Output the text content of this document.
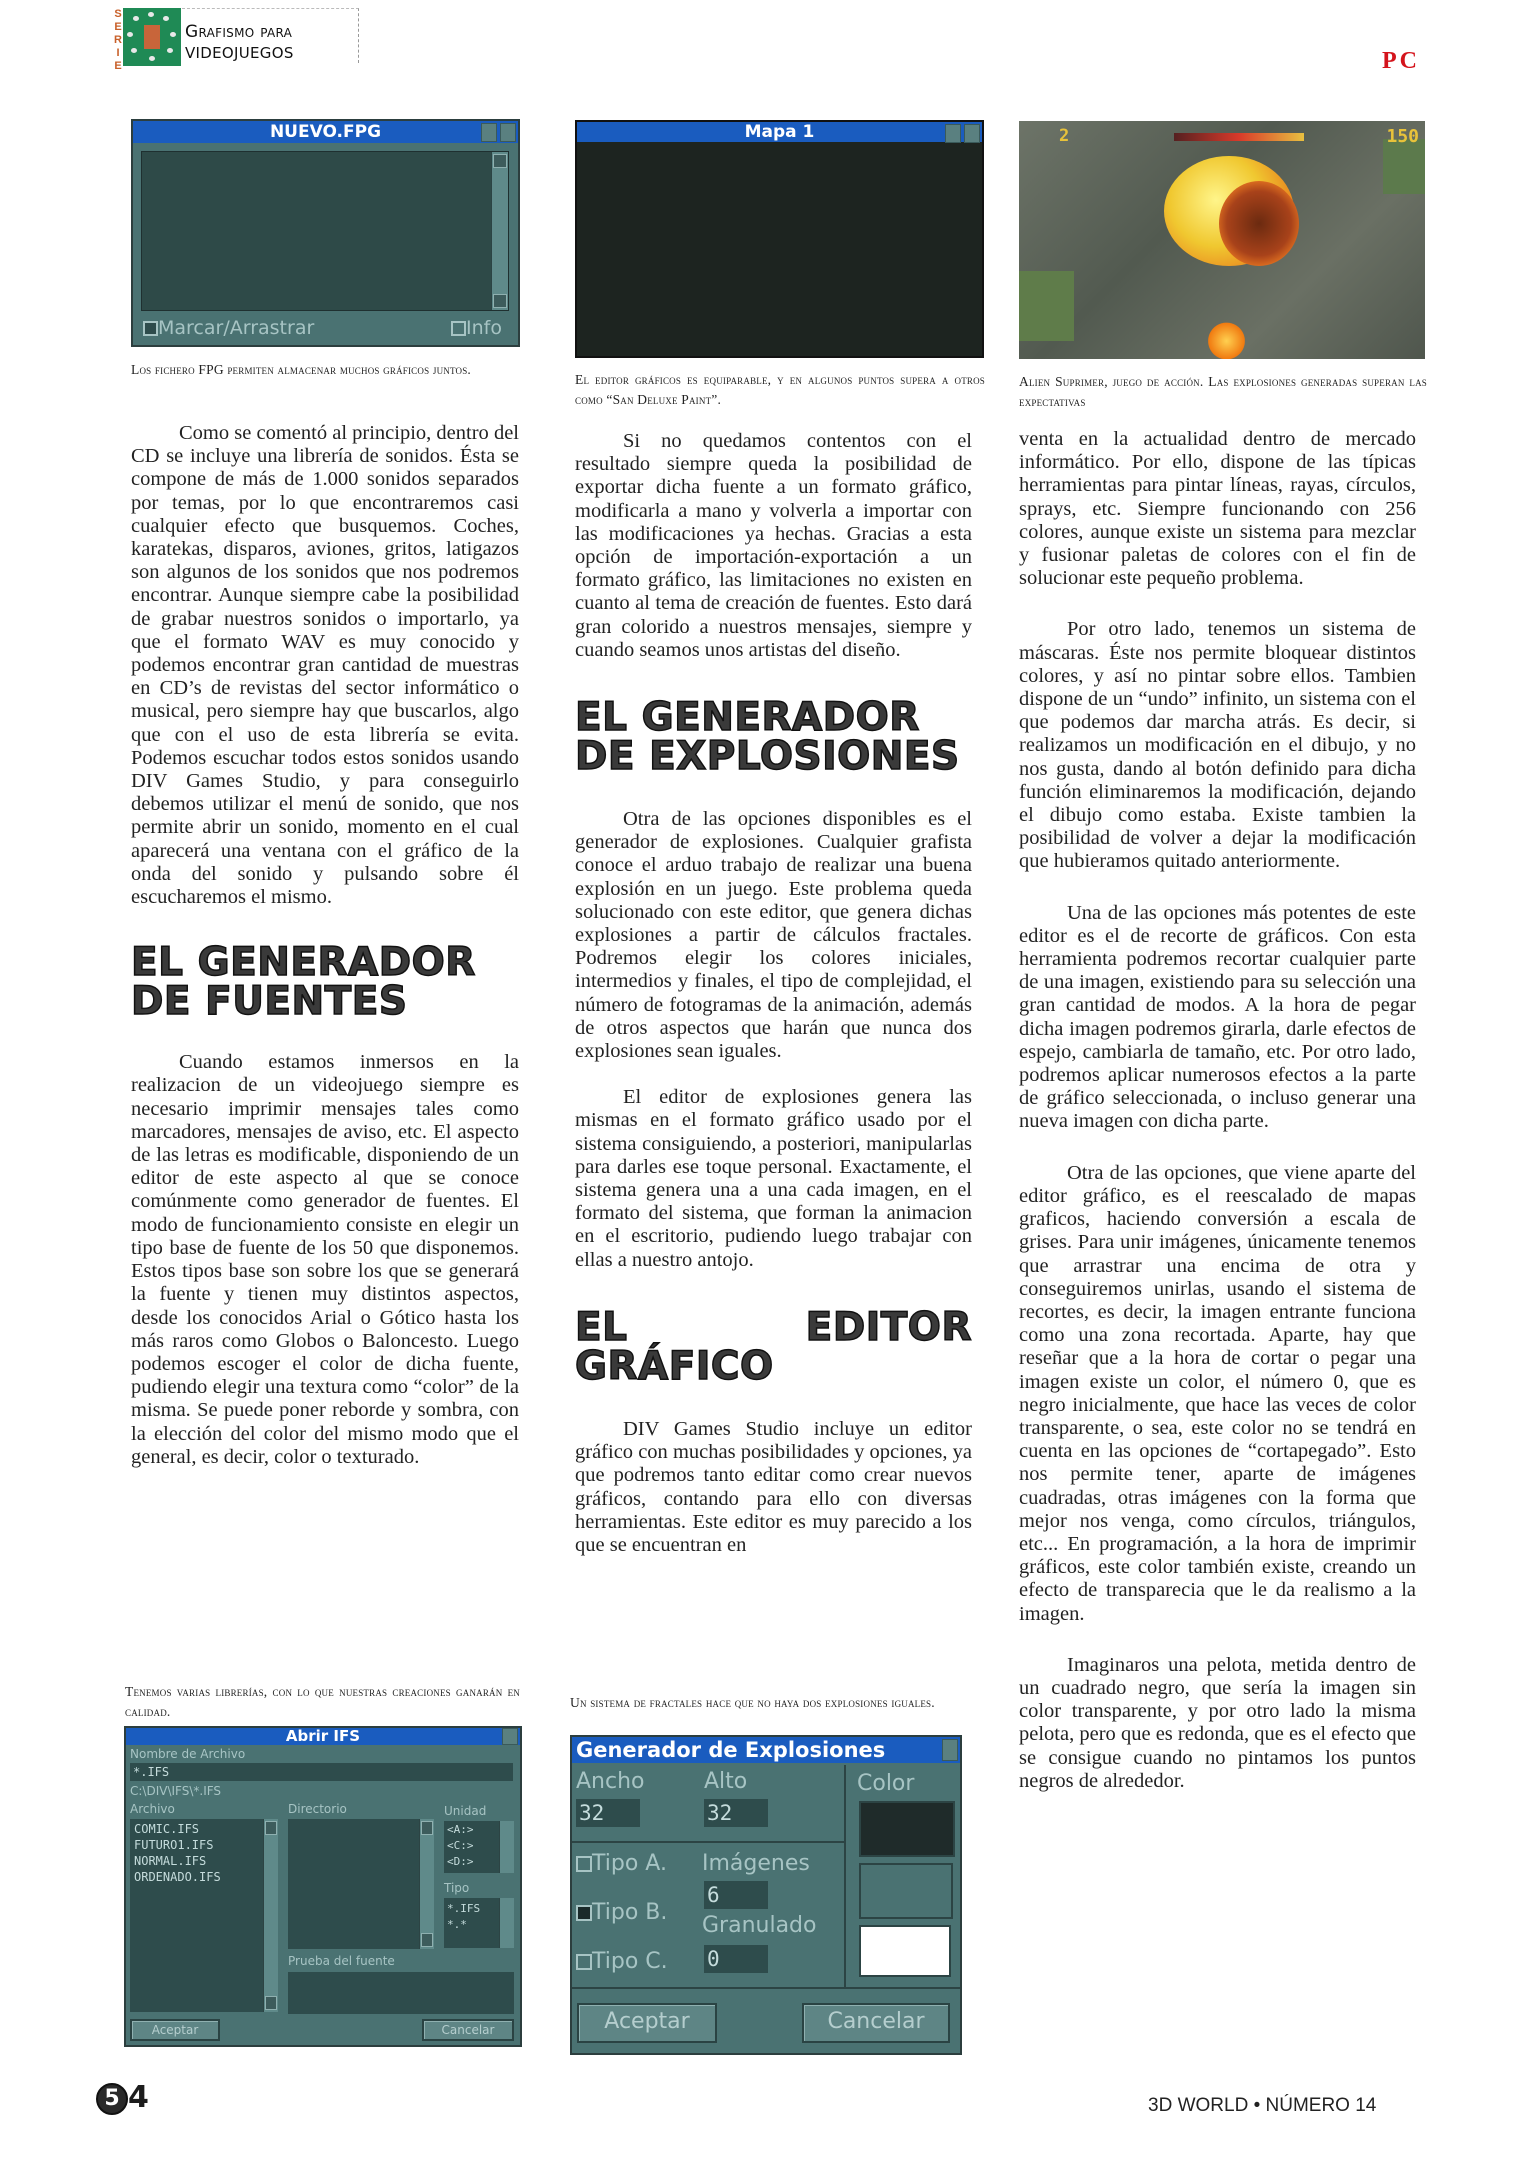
S
E
R
I
E
Grafismo para
VIDEOJUEGOS	PC
NUEVO.FPG
Marcar/Arrastrar	Info
Los fichero FPG permiten almacenar muchos gráficos juntos.
Mapa 1
El editor gráficos es equiparable, y en algunos puntos supera a otros como “San Deluxe Paint”.
2	150
Alien Suprimer, juego de acción. Las explosiones generadas superan las expectativas

Como se comentó al principio, dentro del CD se incluye una librería de sonidos. Ésta se compone de más de 1.000 sonidos separados por temas, por lo que encontraremos casi cualquier efecto que busquemos. Coches, karatekas, disparos, aviones, gritos, latigazos son algunos de los sonidos que nos podremos encontrar. Aunque siempre cabe la posibilidad de grabar nuestros sonidos o importarlo, ya que el formato WAV es muy conocido y podemos encontrar gran cantidad de muestras en CD’s de revistas del sector informático o musical, pero siempre hay que buscarlos, algo que con el uso de esta librería se evita. Podemos escuchar todos estos sonidos usando DIV Games Studio, y para conseguirlo debemos utilizar el menú de sonido, que nos permite abrir un sonido, momento en el cual aparecerá una ventana con el gráfico de la onda del sonido y pulsando sobre él escucharemos el mismo.

EL GENERADOR
DE FUENTES

Cuando estamos inmersos en la realizacion de un videojuego siempre es necesario imprimir mensajes tales como marcadores, mensajes de aviso, etc. El aspecto de las letras es modificable, disponiendo de un editor de este aspecto al que se conoce comúnmente como generador de fuentes. El modo de funcionamiento consiste en elegir un tipo base de fuente de los 50 que disponemos. Estos tipos base son sobre los que se generará la fuente y tienen muy distintos aspectos, desde los conocidos Arial o Gótico hasta los más raros como Globos o Baloncesto. Luego podemos escoger el color de dicha fuente, pudiendo elegir una textura como “color” de la misma. Se puede poner reborde y sombra, con la elección del color del mismo modo que el general, es decir, color o texturado.

Tenemos varias librerías, con lo que nuestras creaciones ganarán en calidad.
Abrir IFS
Nombre de Archivo
*.IFS
C:\DIV\IFS\*.IFS
Archivo
COMIC.IFS
FUTURO1.IFS
NORMAL.IFS
ORDENADO.IFS
Directorio	Unidad
<A:>
<C:>
<D:>
Tipo
*.IFS
*.*
Prueba del fuente
Aceptar	Cancelar

Si no quedamos contentos con el resultado siempre queda la posibilidad de exportar dicha fuente a un formato gráfico, modificarla a mano y volverla a importar con las modificaciones ya hechas. Gracias a esta opción de importación-exportación a un formato gráfico, las limitaciones no existen en cuanto al tema de creación de fuentes. Esto dará gran colorido a nuestros mensajes, siempre y cuando seamos unos artistas del diseño.

EL GENERADOR
DE EXPLOSIONES

Otra de las opciones disponibles es el generador de explosiones. Cualquier grafista conoce el arduo trabajo de realizar una buena explosión en un juego. Este problema queda solucionado con este editor, que genera dichas explosiones a partir de cálculos fractales. Podremos elegir los colores iniciales, intermedios y finales, el tipo de complejidad, el número de fotogramas de la animación, además de otros aspectos que harán que nunca dos explosiones sean iguales.

El editor de explosiones genera las mismas en el formato gráfico usado por el sistema consiguiendo, a posteriori, manipularlas para darles ese toque personal. Exactamente, el sistema genera una a una cada imagen, en el formato del sistema, que forman la animacion en el escritorio, pudiendo luego trabajar con ellas a nuestro antojo.

EL EDITOR GRÁFICO

DIV Games Studio incluye un editor gráfico con muchas posibilidades y opciones, ya que podremos tanto editar como crear nuevos gráficos, contando para ello con diversas herramientas. Este editor es muy parecido a los que se encuentran en

Un sistema de fractales hace que no haya dos explosiones iguales.
Generador de Explosiones
Ancho
32
Alto
32
Color
Tipo A.
Tipo B.
Tipo C.
Imágenes
6
Granulado
0
Aceptar	Cancelar

venta en la actualidad dentro de mercado informático. Por ello, dispone de las típicas herramientas para pintar líneas, rayas, círculos, sprays, etc. Siempre funcionando con 256 colores, aunque existe un sistema para mezclar y fusionar paletas de colores con el fin de solucionar este pequeño problema.

Por otro lado, tenemos un sistema de máscaras. Éste nos permite bloquear distintos colores, y así no pintar sobre ellos. Tambien dispone de un “undo” infinito, un sistema con el que podemos dar marcha atrás. Es decir, si realizamos un modificación en el dibujo, y no nos gusta, dando al botón definido para dicha función eliminaremos la modificación, dejando el dibujo como estaba. Existe tambien la posibilidad de volver a dejar la modificación que hubieramos quitado anteriormente.

Una de las opciones más potentes de este editor es el de recorte de gráficos. Con esta herramienta podremos recortar cualquier parte de una imagen, existiendo para su selección una gran cantidad de modos. A la hora de pegar dicha imagen podremos girarla, darle efectos de espejo, cambiarla de tamaño, etc. Por otro lado, podremos aplicar numerosos efectos a la parte de gráfico seleccionada, o incluso generar una nueva imagen con dicha parte.

Otra de las opciones, que viene aparte del editor gráfico, es el reescalado de mapas graficos, haciendo conversión a escala de grises. Para unir imágenes, únicamente tenemos que arrastrar una encima de otra y conseguiremos unirlas, usando el sistema de recortes, es decir, la imagen entrante funciona como una zona recortada. Aparte, hay que reseñar que a la hora de cortar o pegar una imagen existe un color, el número 0, que es negro inicialmente, que hace las veces de color transparente, o sea, este color no se tendrá en cuenta en las opciones de “cortapegado”. Esto nos permite tener, aparte de imágenes cuadradas, otras imágenes con la forma que mejor nos venga, como círculos, triángulos, etc... En programación, a la hora de imprimir gráficos, este color también existe, creando un efecto de transparecia que le da realismo a la imagen.

Imaginaros una pelota, metida dentro de un cuadrado negro, que sería la imagen sin color transparente, y por otro lado la misma pelota, pero que es redonda, que es el efecto que se consigue cuando no pintamos los puntos negros de alrededor.

5 4	3D WORLD • NÚMERO 14
